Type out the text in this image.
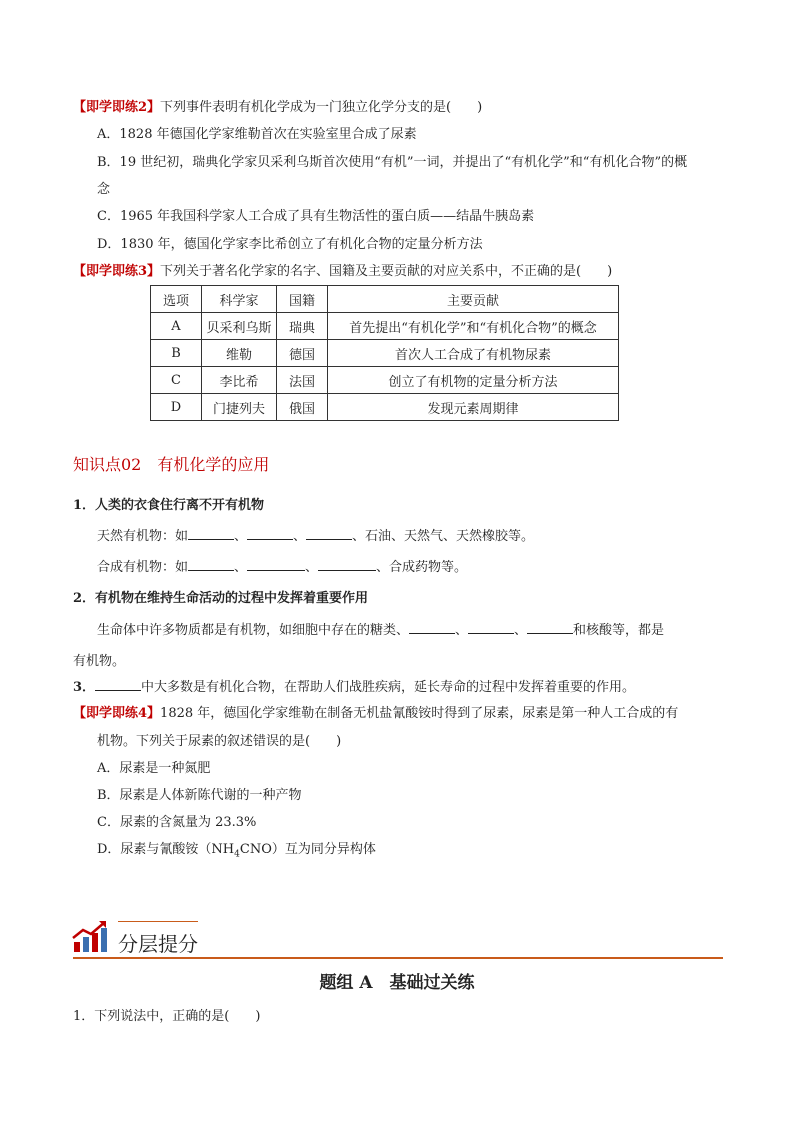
【即学即练2】下列事件表明有机化学成为一门独立化学分支的是(　　)
A．1828 年德国化学家维勒首次在实验室里合成了尿素
B．19 世纪初，瑞典化学家贝采利乌斯首次使用“有机”一词，并提出了“有机化学”和“有机化合物”的概
念
C．1965 年我国科学家人工合成了具有生物活性的蛋白质——结晶牛胰岛素
D．1830 年，德国化学家李比希创立了有机化合物的定量分析方法
【即学即练3】下列关于著名化学家的名字、国籍及主要贡献的对应关系中，不正确的是(　　)
选项	科学家	国籍	主要贡献
A	贝采利乌斯	瑞典	首先提出“有机化学”和“有机化合物”的概念
B	维勒	德国	首次人工合成了有机物尿素
C	李比希	法国	创立了有机物的定量分析方法
D	门捷列夫	俄国	发现元素周期律
知识点02　有机化学的应用
1．人类的衣食住行离不开有机物
天然有机物：如	、	、	、石油、天然气、天然橡胶等。
合成有机物：如	、	、	、合成药物等。
2．有机物在维持生命活动的过程中发挥着重要作用
生命体中许多物质都是有机物，如细胞中存在的糖类、	、	、	和核酸等，都是
有机物。
3．	中大多数是有机化合物，在帮助人们战胜疾病，延长寿命的过程中发挥着重要的作用。
【即学即练4】1828 年，德国化学家维勒在制备无机盐氰酸铵时得到了尿素，尿素是第一种人工合成的有
机物。下列关于尿素的叙述错误的是(　　)
A．尿素是一种氮肥
B．尿素是人体新陈代谢的一种产物
C．尿素的含氮量为 23.3%
D．尿素与氰酸铵$(NH_4CNO)$互为同分异构体
分层提分
题组 A　基础过关练
1．下列说法中，正确的是(　　)
